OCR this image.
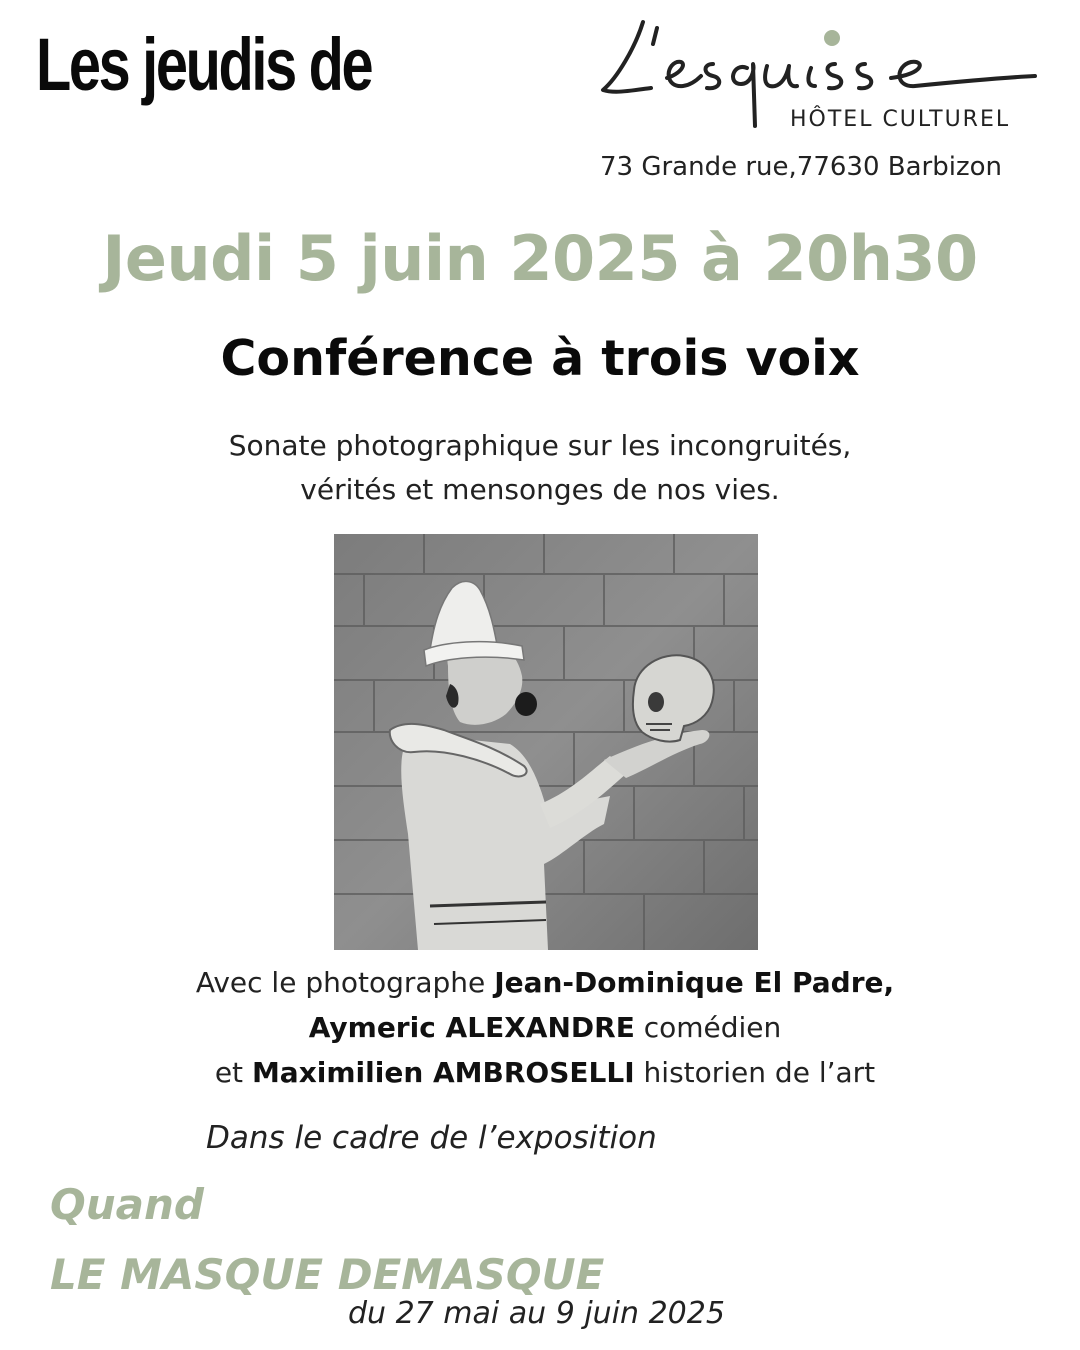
Les jeudis de
HÔTEL CULTUREL
73 Grande rue,77630 Barbizon
Jeudi 5 juin 2025 à 20h30
Conférence à trois voix
Sonate photographique sur les incongruités,
vérités et mensonges de nos vies.
Avec le photographe Jean-Dominique El Padre,
Aymeric ALEXANDRE comédien
et Maximilien AMBROSELLI historien de l’art
Dans le cadre de l’exposition
Quand
LE MASQUE DEMASQUE
du 27 mai au 9 juin 2025
